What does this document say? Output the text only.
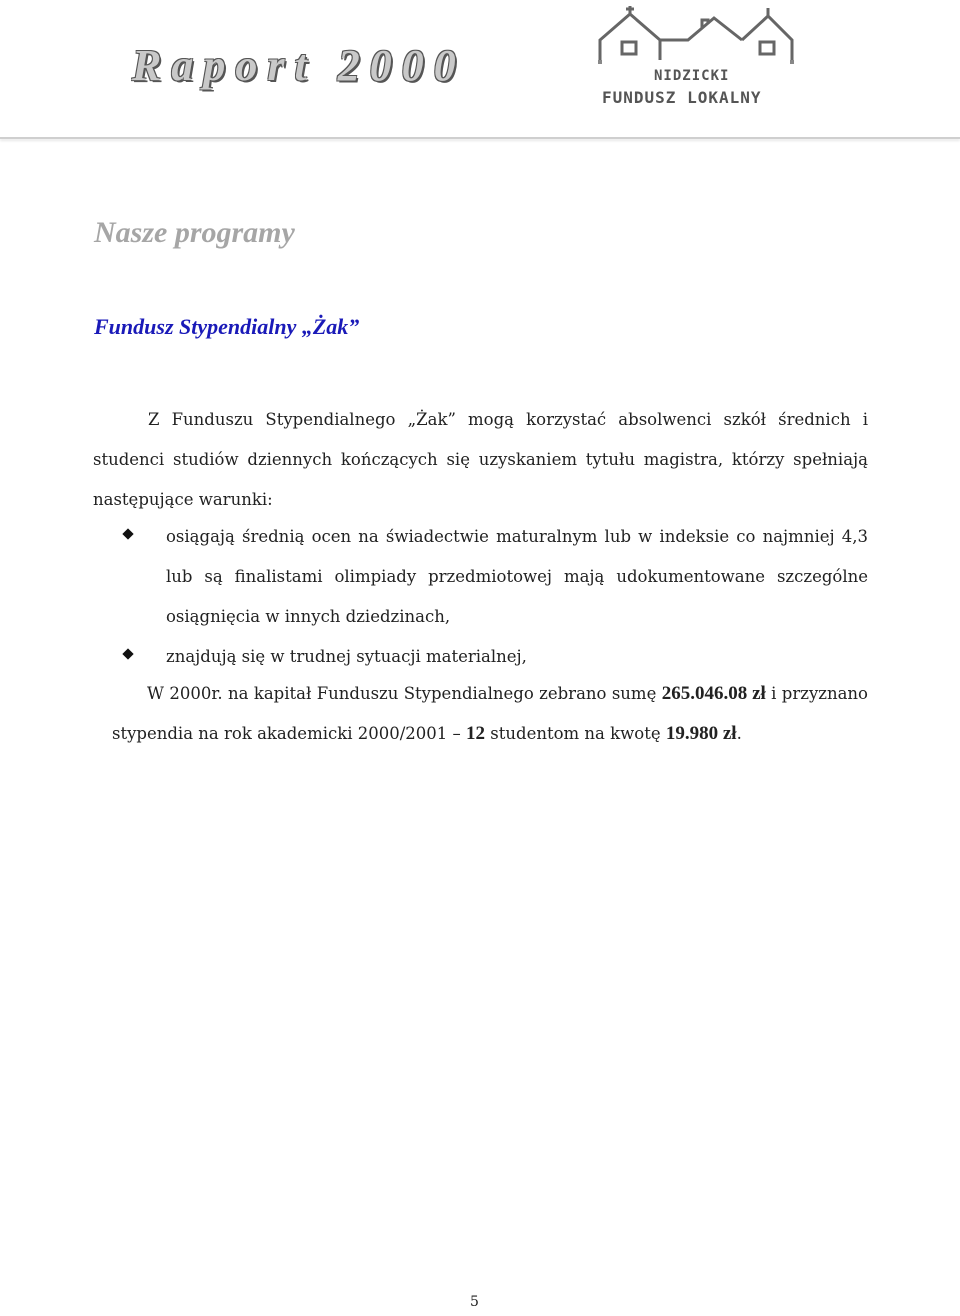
Raport 2000	NIDZICKI
FUNDUSZ LOKALNY
Nasze programy
Fundusz Stypendialny „Żak”

Z Funduszu Stypendialnego „Żak” mogą korzystać absolwenci szkół średnich i studenci studiów dziennych kończących się uzyskaniem tytułu magistra, którzy spełniają następujące warunki:

osiągają średnią ocen na świadectwie maturalnym lub w indeksie co najmniej 4,3 lub są finalistami olimpiady przedmiotowej mają udokumentowane szczególne osiągnięcia w innych dziedzinach,
znajdują się w trudnej sytuacji materialnej,

W 2000r. na kapitał Funduszu Stypendialnego zebrano sumę 265.046.08 zł i przyznano stypendia na rok akademicki 2000/2001 – 12 studentom na kwotę 19.980 zł.

5
